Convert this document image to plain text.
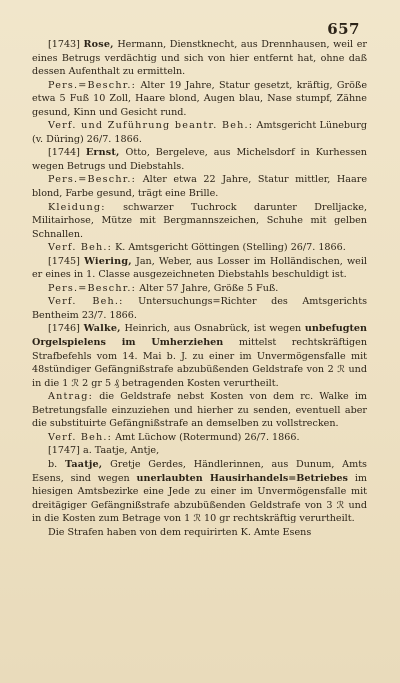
657

[1743] Rose, Hermann, Dienstknecht, aus Drennhausen, weil er eines Betrugs verdächtig und sich von hier entfernt hat, ohne daß dessen Aufenthalt zu ermitteln.

Pers.=Beschr.: Alter 19 Jahre, Statur gesetzt, kräftig, Größe etwa 5 Fuß 10 Zoll, Haare blond, Augen blau, Nase stumpf, Zähne gesund, Kinn und Gesicht rund.

Verf. und Zuführung beantr. Beh.: Amtsgericht Lüneburg (v. Düring) 26/7. 1866.

[1744] Ernst, Otto, Bergeleve, aus Michelsdorf in Kurhessen wegen Betrugs und Diebstahls.

Pers.=Beschr.: Alter etwa 22 Jahre, Statur mittler, Haare blond, Farbe gesund, trägt eine Brille.

Kleidung: schwarzer Tuchrock darunter Drelljacke, Militairhose, Mütze mit Bergmannszeichen, Schuhe mit gelben Schnallen.

Verf. Beh.: K. Amtsgericht Göttingen (Stelling) 26/7. 1866.

[1745] Wiering, Jan, Weber, aus Losser im Holländischen, weil er eines in 1. Classe ausgezeichneten Diebstahls beschuldigt ist.

Pers.=Beschr.: Alter 57 Jahre, Größe 5 Fuß.

Verf. Beh.: Untersuchungs=Richter des Amtsgerichts Bentheim 23/7. 1866.

[1746] Walke, Heinrich, aus Osnabrück, ist wegen unbefugten Orgelspielens im Umherziehen mittelst rechtskräftigen Strafbefehls vom 14. Mai b. J. zu einer im Unvermögensfalle mit 48stündiger Gefängnißstrafe abzubüßenden Geldstrafe von 2 ℛ und in die 1 ℛ 2 gr 5 ₰ betragenden Kosten verurtheilt.

Antrag: die Geldstrafe nebst Kosten von dem rc. Walke im Betretungsfalle einzuziehen und hierher zu senden, eventuell aber die substituirte Gefängnißstrafe an demselben zu vollstrecken.

Verf. Beh.: Amt Lüchow (Rotermund) 26/7. 1866.

[1747] a. Taatje, Antje,

b. Taatje, Gretje Gerdes, Händlerinnen, aus Dunum, Amts Esens, sind wegen unerlaubten Hausirhandels=Betriebes im hiesigen Amtsbezirke eine Jede zu einer im Unvermögensfalle mit dreitägiger Gefängnißstrafe abzubüßenden Geldstrafe von 3 ℛ und in die Kosten zum Betrage von 1 ℛ 10 gr rechtskräftig verurtheilt.

Die Strafen haben von dem requirirten K. Amte Esens
